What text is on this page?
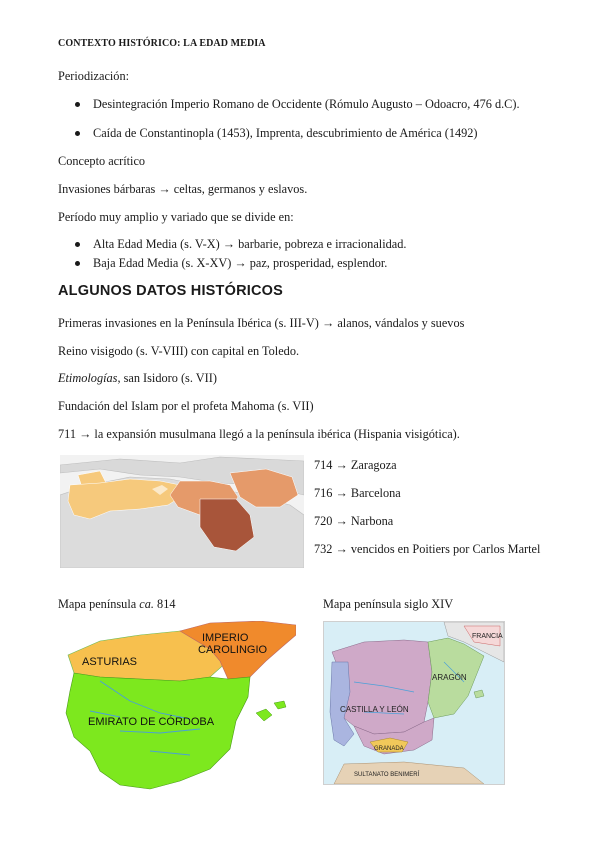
CONTEXTO HISTÓRICO: LA EDAD MEDIA
Periodización:
Desintegración Imperio Romano de Occidente (Rómulo Augusto – Odoacro, 476 d.C).
Caída de Constantinopla (1453), Imprenta, descubrimiento de América (1492)
Concepto acrítico
Invasiones bárbaras → celtas, germanos y eslavos.
Período muy amplio y variado que se divide en:
Alta Edad Media (s. V-X) → barbarie, pobreza e irracionalidad.
Baja Edad Media (s. X-XV) → paz, prosperidad, esplendor.
ALGUNOS DATOS HISTÓRICOS
Primeras invasiones en la Península Ibérica (s. III-V) → alanos, vándalos y suevos
Reino visigodo (s. V-VIII) con capital en Toledo.
Etimologías, san Isidoro (s. VII)
Fundación del Islam por el profeta Mahoma (s. VII)
711 → la expansión musulmana llegó a la península ibérica (Hispania visigótica).
714 → Zaragoza
716 → Barcelona
720 → Narbona
732 → vencidos en Poitiers por Carlos Martel
Mapa península ca. 814	Mapa península siglo XIV
ASTURIAS
IMPERIO
CAROLINGIO
EMIRATO DE CÓRDOBA
FRANCIA
ARAGÓN
CASTILLA Y LEÓN
GRANADA
SULTANATO BENIMERÍ
